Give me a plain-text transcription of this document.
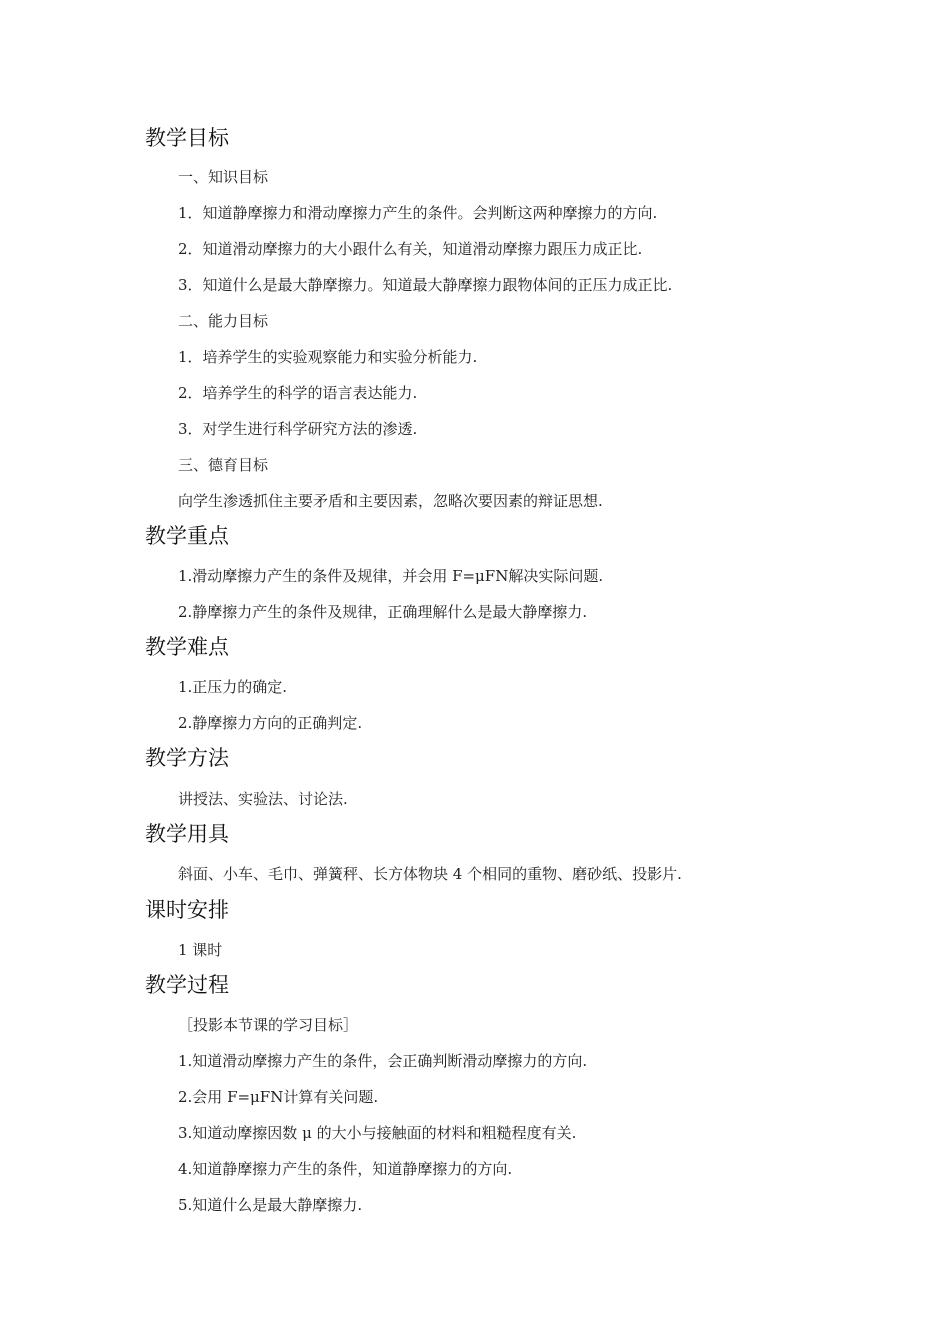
教学目标
一、知识目标
1．知道静摩擦力和滑动摩擦力产生的条件。会判断这两种摩擦力的方向.
2．知道滑动摩擦力的大小跟什么有关，知道滑动摩擦力跟压力成正比.
3．知道什么是最大静摩擦力。知道最大静摩擦力跟物体间的正压力成正比.
二、能力目标
1．培养学生的实验观察能力和实验分析能力.
2．培养学生的科学的语言表达能力.
3．对学生进行科学研究方法的渗透.
三、德育目标
向学生渗透抓住主要矛盾和主要因素，忽略次要因素的辩证思想.
教学重点
1.滑动摩擦力产生的条件及规律，并会用 F=μFN解决实际问题.
2.静摩擦力产生的条件及规律，正确理解什么是最大静摩擦力.
教学难点
1.正压力的确定.
2.静摩擦力方向的正确判定.
教学方法
讲授法、实验法、讨论法.
教学用具
斜面、小车、毛巾、弹簧秤、长方体物块 4 个相同的重物、磨砂纸、投影片.
课时安排
1 课时
教学过程
［投影本节课的学习目标］
1.知道滑动摩擦力产生的条件，会正确判断滑动摩擦力的方向.
2.会用 F=μFN计算有关问题.
3.知道动摩擦因数 μ 的大小与接触面的材料和粗糙程度有关.
4.知道静摩擦力产生的条件，知道静摩擦力的方向.
5.知道什么是最大静摩擦力.
